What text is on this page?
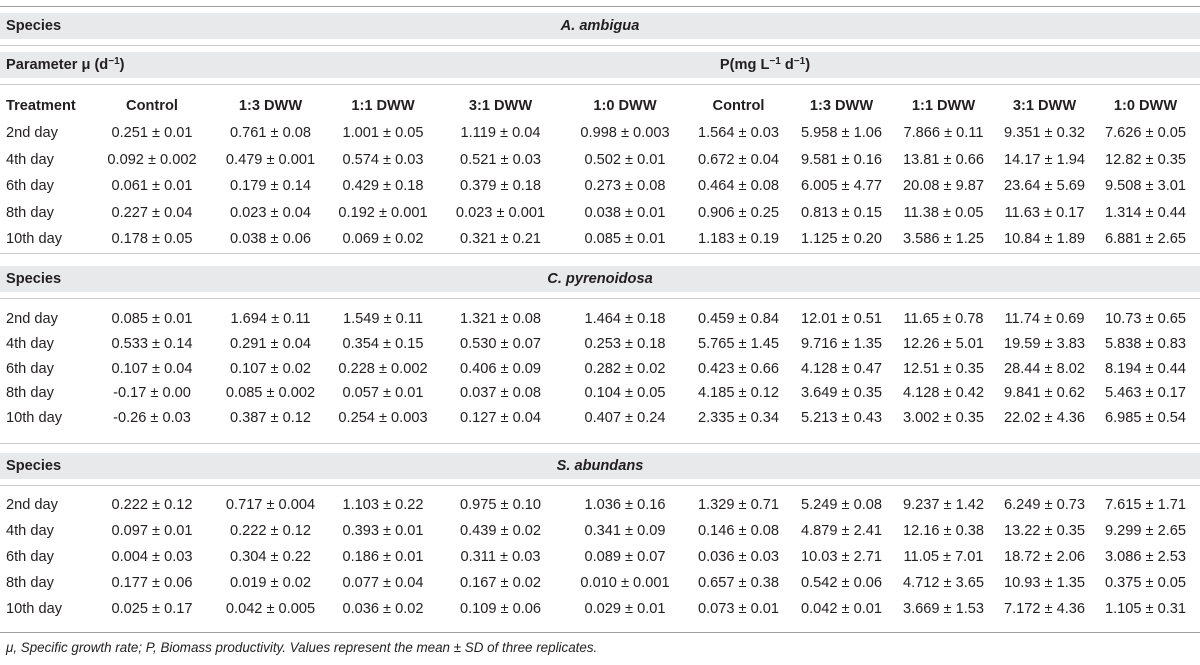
Species	A. ambigua
Parameter μ $(d^{-1})$	P(mg $L^{-1}$ $d^{-1}$)
Treatment	Control	1:3 DWW	1:1 DWW	3:1 DWW	1:0 DWW	Control	1:3 DWW	1:1 DWW	3:1 DWW	1:0 DWW
2nd day	0.251 ± 0.01	0.761 ± 0.08	1.001 ± 0.05	1.119 ± 0.04	0.998 ± 0.003	1.564 ± 0.03	5.958 ± 1.06	7.866 ± 0.11	9.351 ± 0.32	7.626 ± 0.05
4th day	0.092 ± 0.002	0.479 ± 0.001	0.574 ± 0.03	0.521 ± 0.03	0.502 ± 0.01	0.672 ± 0.04	9.581 ± 0.16	13.81 ± 0.66	14.17 ± 1.94	12.82 ± 0.35
6th day	0.061 ± 0.01	0.179 ± 0.14	0.429 ± 0.18	0.379 ± 0.18	0.273 ± 0.08	0.464 ± 0.08	6.005 ± 4.77	20.08 ± 9.87	23.64 ± 5.69	9.508 ± 3.01
8th day	0.227 ± 0.04	0.023 ± 0.04	0.192 ± 0.001	0.023 ± 0.001	0.038 ± 0.01	0.906 ± 0.25	0.813 ± 0.15	11.38 ± 0.05	11.63 ± 0.17	1.314 ± 0.44
10th day	0.178 ± 0.05	0.038 ± 0.06	0.069 ± 0.02	0.321 ± 0.21	0.085 ± 0.01	1.183 ± 0.19	1.125 ± 0.20	3.586 ± 1.25	10.84 ± 1.89	6.881 ± 2.65
Species	C. pyrenoidosa
2nd day	0.085 ± 0.01	1.694 ± 0.11	1.549 ± 0.11	1.321 ± 0.08	1.464 ± 0.18	0.459 ± 0.84	12.01 ± 0.51	11.65 ± 0.78	11.74 ± 0.69	10.73 ± 0.65
4th day	0.533 ± 0.14	0.291 ± 0.04	0.354 ± 0.15	0.530 ± 0.07	0.253 ± 0.18	5.765 ± 1.45	9.716 ± 1.35	12.26 ± 5.01	19.59 ± 3.83	5.838 ± 0.83
6th day	0.107 ± 0.04	0.107 ± 0.02	0.228 ± 0.002	0.406 ± 0.09	0.282 ± 0.02	0.423 ± 0.66	4.128 ± 0.47	12.51 ± 0.35	28.44 ± 8.02	8.194 ± 0.44
8th day	-0.17 ± 0.00	0.085 ± 0.002	0.057 ± 0.01	0.037 ± 0.08	0.104 ± 0.05	4.185 ± 0.12	3.649 ± 0.35	4.128 ± 0.42	9.841 ± 0.62	5.463 ± 0.17
10th day	-0.26 ± 0.03	0.387 ± 0.12	0.254 ± 0.003	0.127 ± 0.04	0.407 ± 0.24	2.335 ± 0.34	5.213 ± 0.43	3.002 ± 0.35	22.02 ± 4.36	6.985 ± 0.54
Species	S. abundans
2nd day	0.222 ± 0.12	0.717 ± 0.004	1.103 ± 0.22	0.975 ± 0.10	1.036 ± 0.16	1.329 ± 0.71	5.249 ± 0.08	9.237 ± 1.42	6.249 ± 0.73	7.615 ± 1.71
4th day	0.097 ± 0.01	0.222 ± 0.12	0.393 ± 0.01	0.439 ± 0.02	0.341 ± 0.09	0.146 ± 0.08	4.879 ± 2.41	12.16 ± 0.38	13.22 ± 0.35	9.299 ± 2.65
6th day	0.004 ± 0.03	0.304 ± 0.22	0.186 ± 0.01	0.311 ± 0.03	0.089 ± 0.07	0.036 ± 0.03	10.03 ± 2.71	11.05 ± 7.01	18.72 ± 2.06	3.086 ± 2.53
8th day	0.177 ± 0.06	0.019 ± 0.02	0.077 ± 0.04	0.167 ± 0.02	0.010 ± 0.001	0.657 ± 0.38	0.542 ± 0.06	4.712 ± 3.65	10.93 ± 1.35	0.375 ± 0.05
10th day	0.025 ± 0.17	0.042 ± 0.005	0.036 ± 0.02	0.109 ± 0.06	0.029 ± 0.01	0.073 ± 0.01	0.042 ± 0.01	3.669 ± 1.53	7.172 ± 4.36	1.105 ± 0.31
μ, Specific growth rate; P, Biomass productivity. Values represent the mean ± SD of three replicates.
